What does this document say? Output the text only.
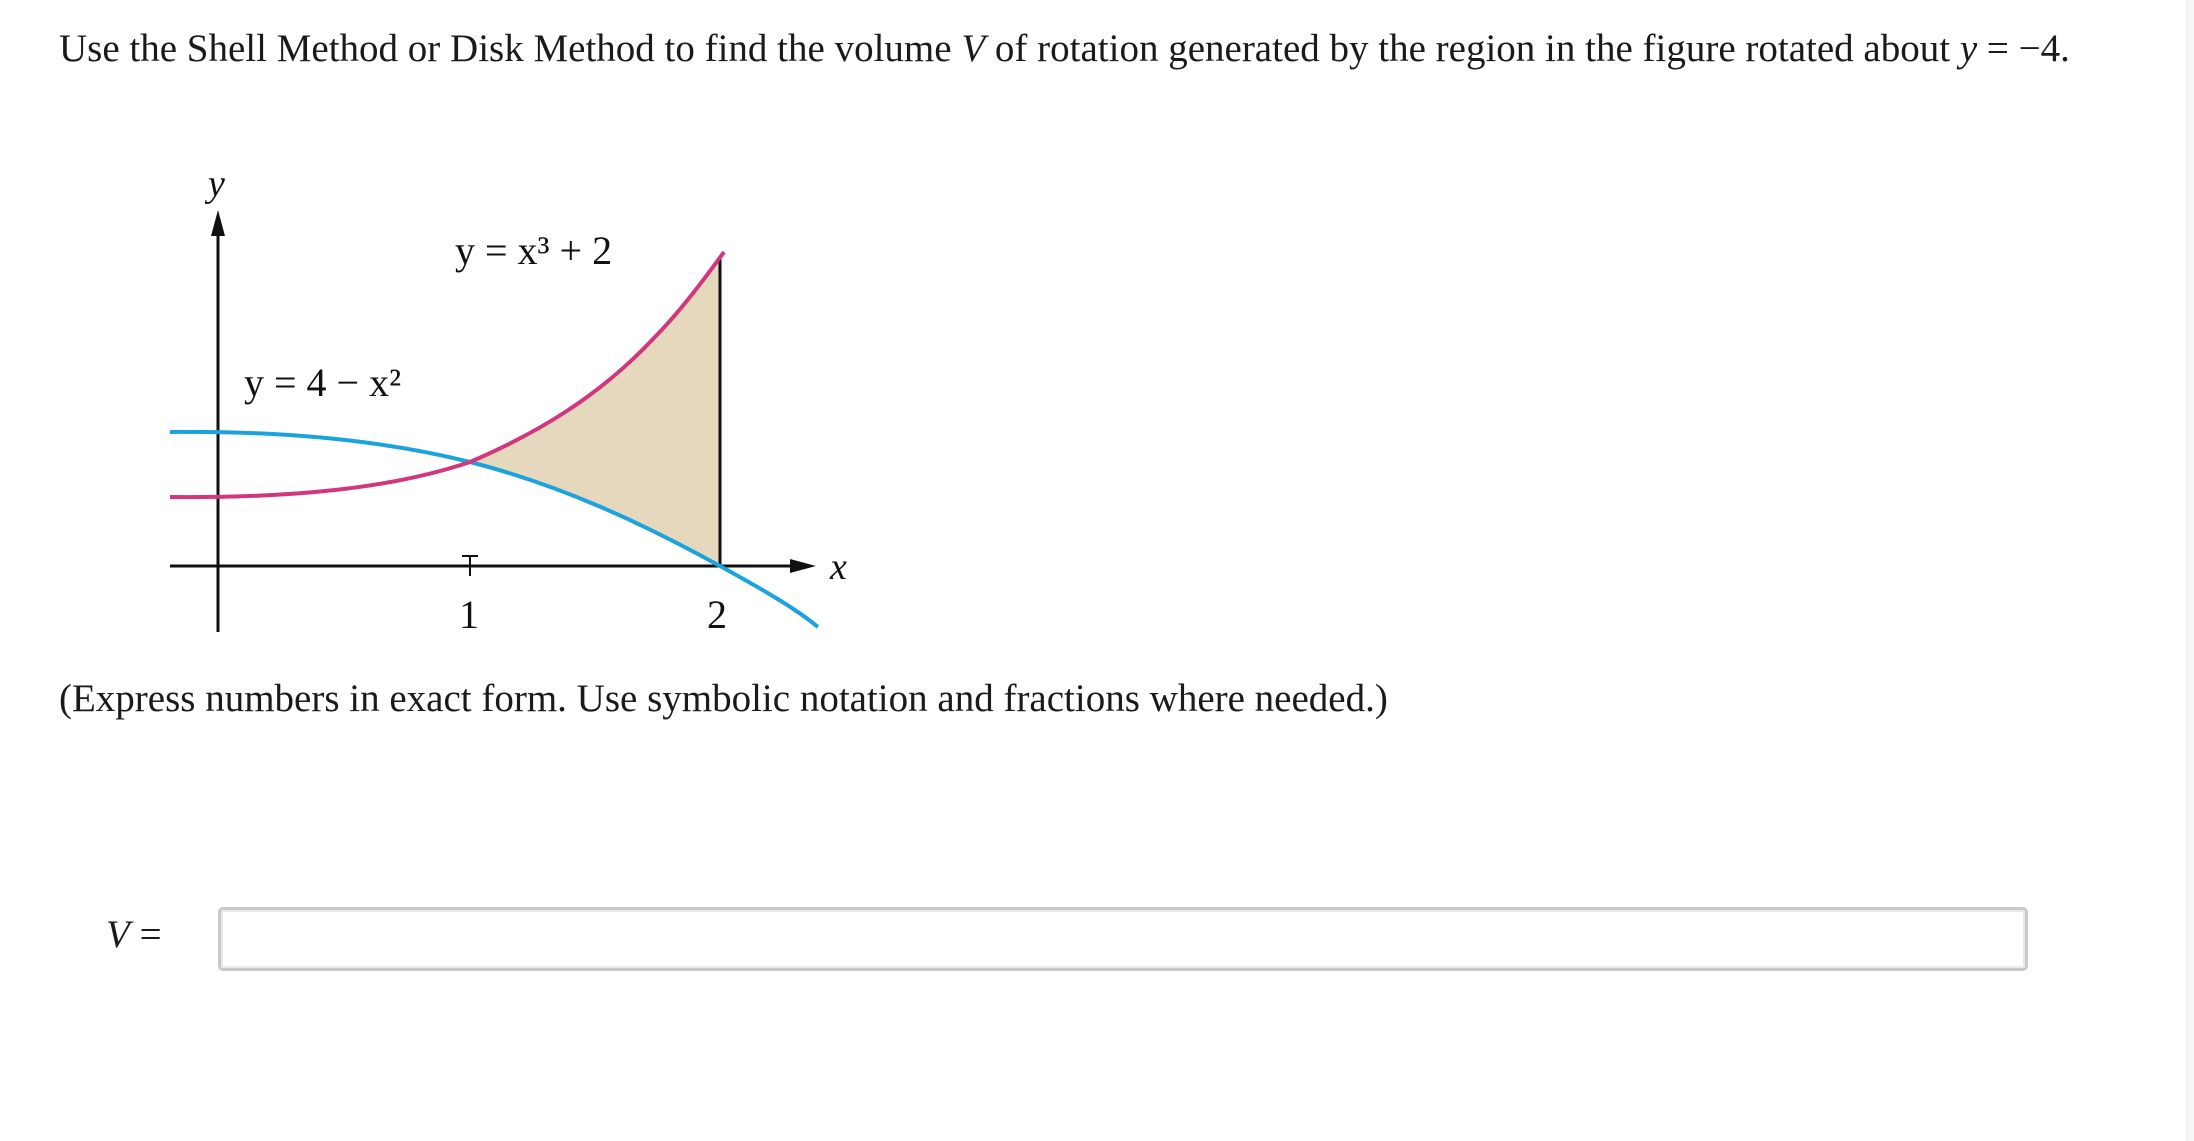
Use the Shell Method or Disk Method to find the volume V of rotation generated by the region in the figure rotated about y = −4.
y
x
y = x³ + 2
y = 4 − x²
1	2
(Express numbers in exact form. Use symbolic notation and fractions where needed.)
V =
